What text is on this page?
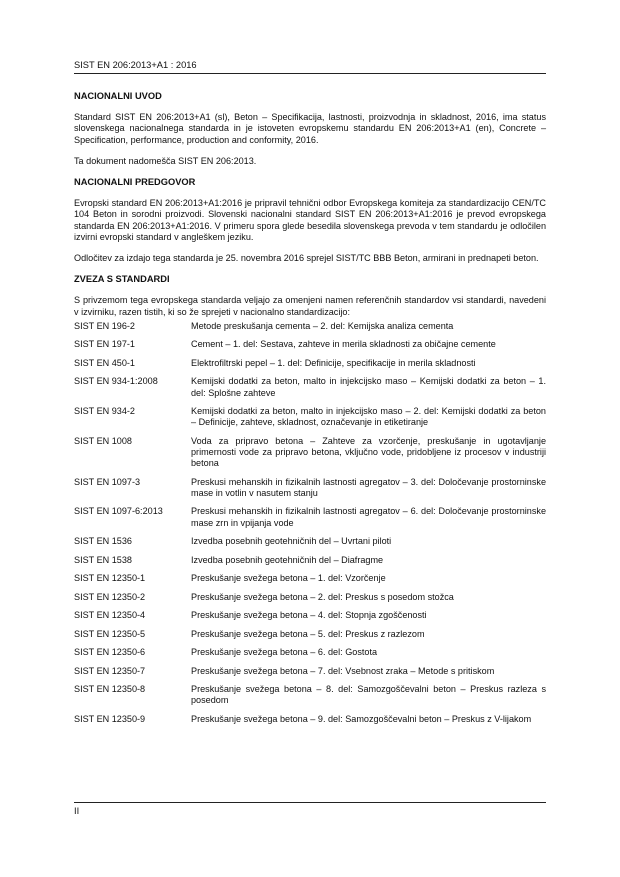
SIST EN 206:2013+A1 : 2016
NACIONALNI UVOD

Standard SIST EN 206:2013+A1 (sl), Beton – Specifikacija, lastnosti, proizvodnja in skladnost, 2016, ima status slovenskega nacionalnega standarda in je istoveten evropskemu standardu EN 206:2013+A1 (en), Concrete – Specification, performance, production and conformity, 2016.

Ta dokument nadomešča SIST EN 206:2013.

NACIONALNI PREDGOVOR

Evropski standard EN 206:2013+A1:2016 je pripravil tehnični odbor Evropskega komiteja za standardizacijo CEN/TC 104 Beton in sorodni proizvodi. Slovenski nacionalni standard SIST EN 206:2013+A1:2016 je prevod evropskega standarda EN 206:2013+A1:2016. V primeru spora glede besedila slovenskega prevoda v tem standardu je odločilen izvirni evropski standard v angleškem jeziku.

Odločitev za izdajo tega standarda je 25. novembra 2016 sprejel SIST/TC BBB Beton, armirani in prednapeti beton.

ZVEZA S STANDARDI

S privzemom tega evropskega standarda veljajo za omenjeni namen referenčnih standardov vsi standardi, navedeni v izvirniku, razen tistih, ki so že sprejeti v nacionalno standardizacijo:

SIST EN 196-2	Metode preskušanja cementa – 2. del: Kemijska analiza cementa
SIST EN 197-1	Cement – 1. del: Sestava, zahteve in merila skladnosti za običajne cemente
SIST EN 450-1	Elektrofiltrski pepel – 1. del: Definicije, specifikacije in merila skladnosti
SIST EN 934-1:2008	Kemijski dodatki za beton, malto in injekcijsko maso – Kemijski dodatki za beton – 1. del: Splošne zahteve
SIST EN 934-2	Kemijski dodatki za beton, malto in injekcijsko maso – 2. del: Kemijski dodatki za beton – Definicije, zahteve, skladnost, označevanje in etiketiranje
SIST EN 1008	Voda za pripravo betona – Zahteve za vzorčenje, preskušanje in ugotavljanje primernosti vode za pripravo betona, vključno vode, pridobljene iz procesov v industriji betona
SIST EN 1097-3	Preskusi mehanskih in fizikalnih lastnosti agregatov – 3. del: Določevanje prostorninske mase in votlin v nasutem stanju
SIST EN 1097-6:2013	Preskusi mehanskih in fizikalnih lastnosti agregatov – 6. del: Določevanje prostorninske mase zrn in vpijanja vode
SIST EN 1536	Izvedba posebnih geotehničnih del – Uvrtani piloti
SIST EN 1538	Izvedba posebnih geotehničnih del – Diafragme
SIST EN 12350-1	Preskušanje svežega betona – 1. del: Vzorčenje
SIST EN 12350-2	Preskušanje svežega betona – 2. del: Preskus s posedom stožca
SIST EN 12350-4	Preskušanje svežega betona – 4. del: Stopnja zgoščenosti
SIST EN 12350-5	Preskušanje svežega betona – 5. del: Preskus z razlezom
SIST EN 12350-6	Preskušanje svežega betona – 6. del: Gostota
SIST EN 12350-7	Preskušanje svežega betona – 7. del: Vsebnost zraka – Metode s pritiskom
SIST EN 12350-8	Preskušanje svežega betona – 8. del: Samozgoščevalni beton – Preskus razleza s posedom
SIST EN 12350-9	Preskušanje svežega betona – 9. del: Samozgoščevalni beton – Preskus z V-lijakom
II
